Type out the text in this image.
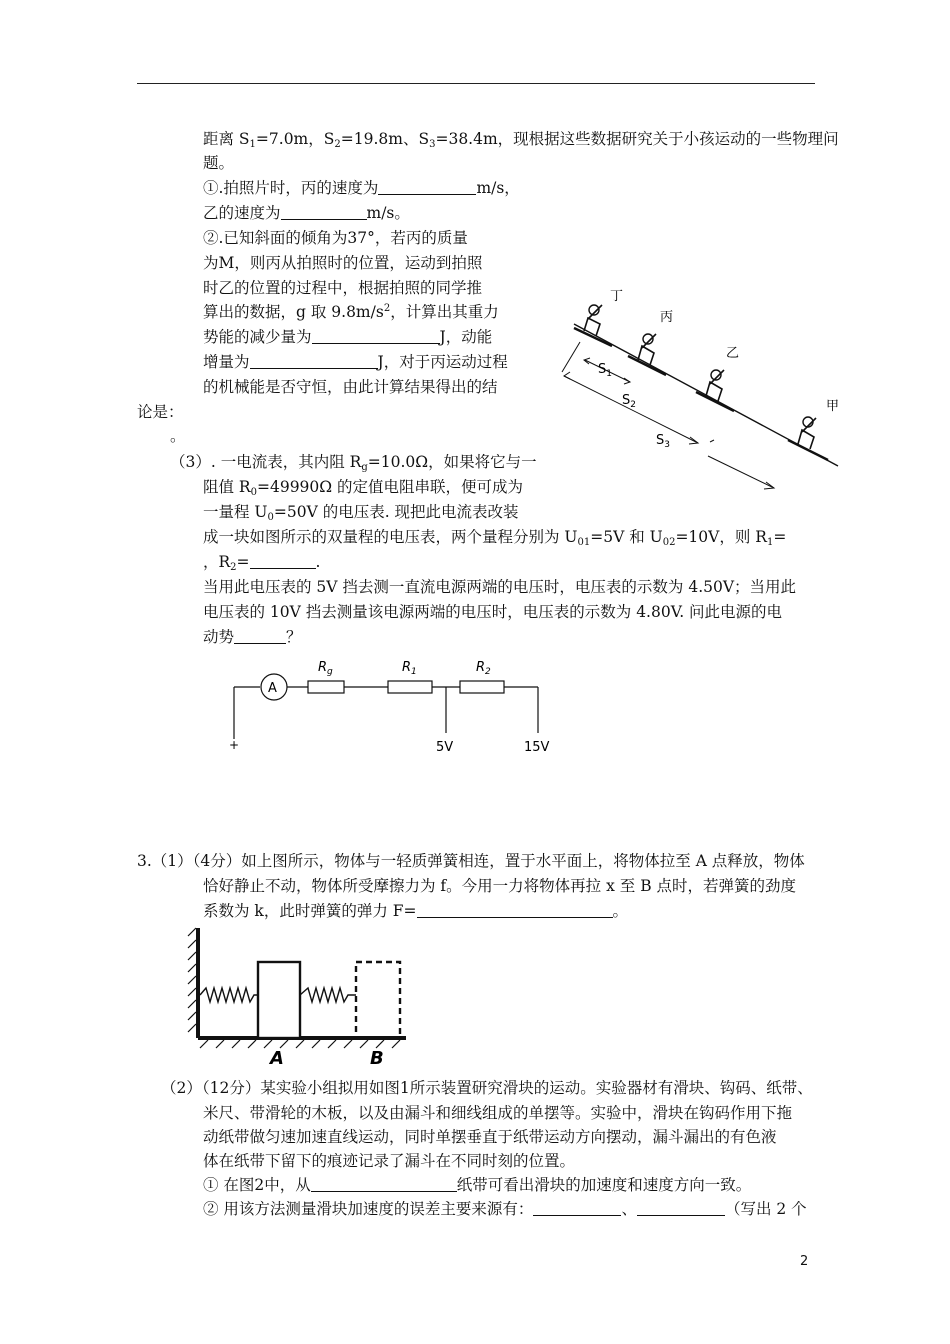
距离 $S_1=7.0m$，$S_2=19.8m$、$S_3=38.4m$，现根据这些数据研究关于小孩运动的一些物理问
题。
①.拍照片时，丙的速度为	m/s，
乙的速度为	m/s。
②.已知斜面的倾角为37°，若丙的质量
为M，则丙从拍照时的位置，运动到拍照
时乙的位置的过程中，根据拍照的同学推
算出的数据，g 取 $9.8m/s^2$，计算出其重力
势能的减少量为	J，动能
增量为	J，对于丙运动过程
的机械能是否守恒，由此计算结果得出的结
论是：
。
丁
丙
乙
甲
$S_1$
$S_2$
$S_3$
（3）. 一电流表，其内阻 $R_g=10.0\Omega$，如果将它与一
阻值 $R_0=49990\Omega$ 的定值电阻串联，便可成为
一量程 $U_0=50V$ 的电压表. 现把此电流表改装
成一块如图所示的双量程的电压表，两个量程分别为 $U_{01}=5V$ 和 $U_{02}=10V$，则 $R_1=$
，$R_2=$	.
当用此电压表的 5V 挡去测一直流电源两端的电压时，电压表的示数为 4.50V；当用此
电压表的 10V 挡去测量该电源两端的电压时，电压表的示数为 4.80V. 问此电源的电
动势	？
A
$R_g$	$R_1$	$R_2$
+	5V	15V
3.（1）（4分）如上图所示，物体与一轻质弹簧相连，置于水平面上，将物体拉至 A 点释放，物体
恰好静止不动，物体所受摩擦力为 f。今用一力将物体再拉 x 至 B 点时，若弹簧的劲度
系数为 k，此时弹簧的弹力 F=	。
A	B
（2）（12分）某实验小组拟用如图1所示装置研究滑块的运动。实验器材有滑块、钩码、纸带、
米尺、带滑轮的木板，以及由漏斗和细线组成的单摆等。实验中，滑块在钩码作用下拖
动纸带做匀速加速直线运动，同时单摆垂直于纸带运动方向摆动，漏斗漏出的有色液
体在纸带下留下的痕迹记录了漏斗在不同时刻的位置。
① 在图2中，从	纸带可看出滑块的加速度和速度方向一致。
② 用该方法测量滑块加速度的误差主要来源有：	、	（写出 2 个
2
